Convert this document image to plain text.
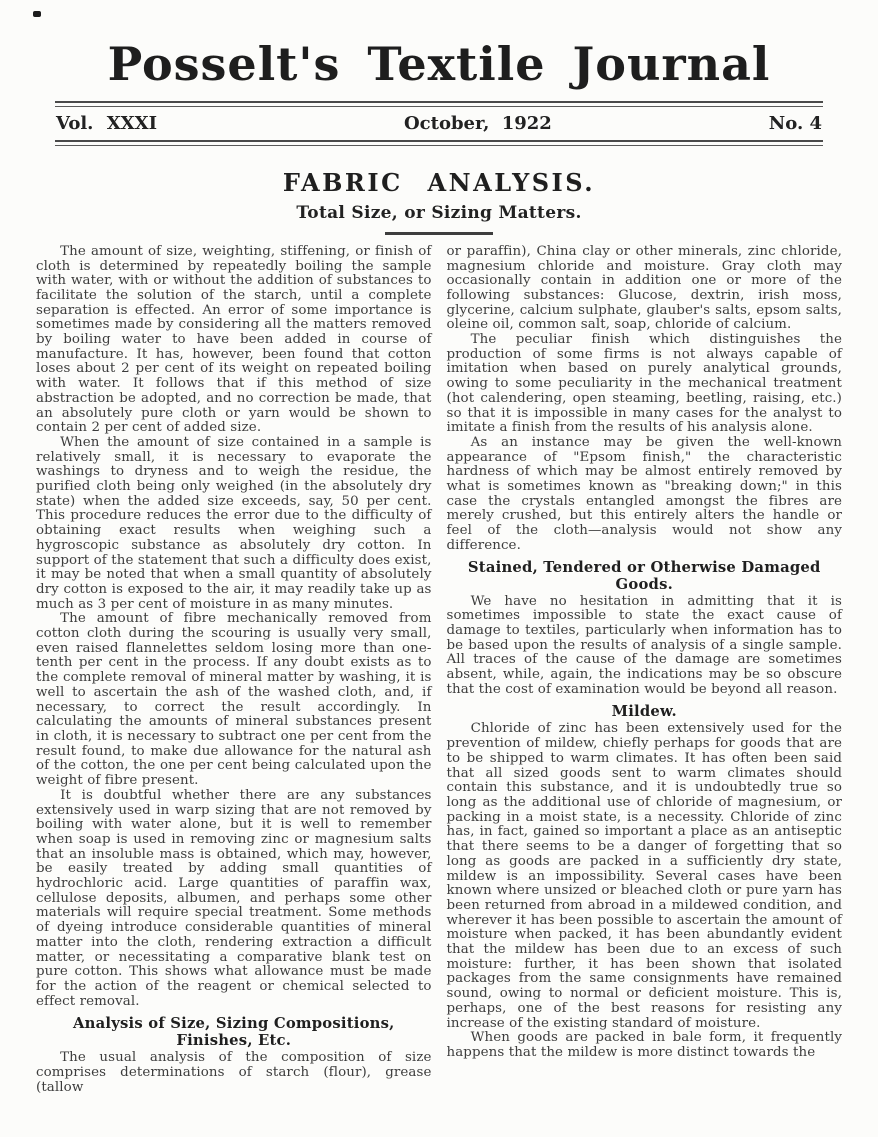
Posselt's Textile Journal
Vol. XXXI	October, 1922	No. 4
FABRIC ANALYSIS.
Total Size, or Sizing Matters.

The amount of size, weighting, stiffening, or finish of cloth is determined by repeatedly boiling the sample with water, with or without the addition of substances to facilitate the solution of the starch, until a complete separation is effected. An error of some importance is sometimes made by considering all the matters removed by boiling water to have been added in course of manufacture. It has, however, been found that cotton loses about 2 per cent of its weight on repeated boiling with water. It follows that if this method of size abstraction be adopted, and no correction be made, that an absolutely pure cloth or yarn would be shown to contain 2 per cent of added size.

When the amount of size contained in a sample is relatively small, it is necessary to evaporate the washings to dryness and to weigh the residue, the purified cloth being only weighed (in the absolutely dry state) when the added size exceeds, say, 50 per cent. This procedure reduces the error due to the difficulty of obtaining exact results when weighing such a hygroscopic substance as absolutely dry cotton. In support of the statement that such a difficulty does exist, it may be noted that when a small quantity of absolutely dry cotton is exposed to the air, it may readily take up as much as 3 per cent of moisture in as many minutes.

The amount of fibre mechanically removed from cotton cloth during the scouring is usually very small, even raised flannelettes seldom losing more than one-tenth per cent in the process. If any doubt exists as to the complete removal of mineral matter by washing, it is well to ascertain the ash of the washed cloth, and, if necessary, to correct the result accordingly. In calculating the amounts of mineral substances present in cloth, it is necessary to subtract one per cent from the result found, to make due allowance for the natural ash of the cotton, the one per cent being calculated upon the weight of fibre present.

It is doubtful whether there are any substances extensively used in warp sizing that are not removed by boiling with water alone, but it is well to remember when soap is used in removing zinc or magnesium salts that an insoluble mass is obtained, which may, however, be easily treated by adding small quantities of hydrochloric acid. Large quantities of paraffin wax, cellulose deposits, albumen, and perhaps some other materials will require special treatment. Some methods of dyeing introduce considerable quantities of mineral matter into the cloth, rendering extraction a difficult matter, or necessitating a comparative blank test on pure cotton. This shows what allowance must be made for the action of the reagent or chemical selected to effect removal.

Analysis of Size, Sizing Compositions, Finishes, Etc.

The usual analysis of the composition of size comprises determinations of starch (flour), grease (tallow

or paraffin), China clay or other minerals, zinc chloride, magnesium chloride and moisture. Gray cloth may occasionally contain in addition one or more of the following substances: Glucose, dextrin, irish moss, glycerine, calcium sulphate, glauber's salts, epsom salts, oleine oil, common salt, soap, chloride of calcium.

The peculiar finish which distinguishes the production of some firms is not always capable of imitation when based on purely analytical grounds, owing to some peculiarity in the mechanical treatment (hot calendering, open steaming, beetling, raising, etc.) so that it is impossible in many cases for the analyst to imitate a finish from the results of his analysis alone.

As an instance may be given the well-known appearance of "Epsom finish," the characteristic hardness of which may be almost entirely removed by what is sometimes known as "breaking down;" in this case the crystals entangled amongst the fibres are merely crushed, but this entirely alters the handle or feel of the cloth—analysis would not show any difference.

Stained, Tendered or Otherwise Damaged Goods.

We have no hesitation in admitting that it is sometimes impossible to state the exact cause of damage to textiles, particularly when information has to be based upon the results of analysis of a single sample. All traces of the cause of the damage are sometimes absent, while, again, the indications may be so obscure that the cost of examination would be beyond all reason.

Mildew.

Chloride of zinc has been extensively used for the prevention of mildew, chiefly perhaps for goods that are to be shipped to warm climates. It has often been said that all sized goods sent to warm climates should contain this substance, and it is undoubtedly true so long as the additional use of chloride of magnesium, or packing in a moist state, is a necessity. Chloride of zinc has, in fact, gained so important a place as an antiseptic that there seems to be a danger of forgetting that so long as goods are packed in a sufficiently dry state, mildew is an impossibility. Several cases have been known where unsized or bleached cloth or pure yarn has been returned from abroad in a mildewed condition, and wherever it has been possible to ascertain the amount of moisture when packed, it has been abundantly evident that the mildew has been due to an excess of such moisture: further, it has been shown that isolated packages from the same consignments have remained sound, owing to normal or deficient moisture. This is, perhaps, one of the best reasons for resisting any increase of the existing standard of moisture.

When goods are packed in bale form, it frequently happens that the mildew is more distinct towards the
